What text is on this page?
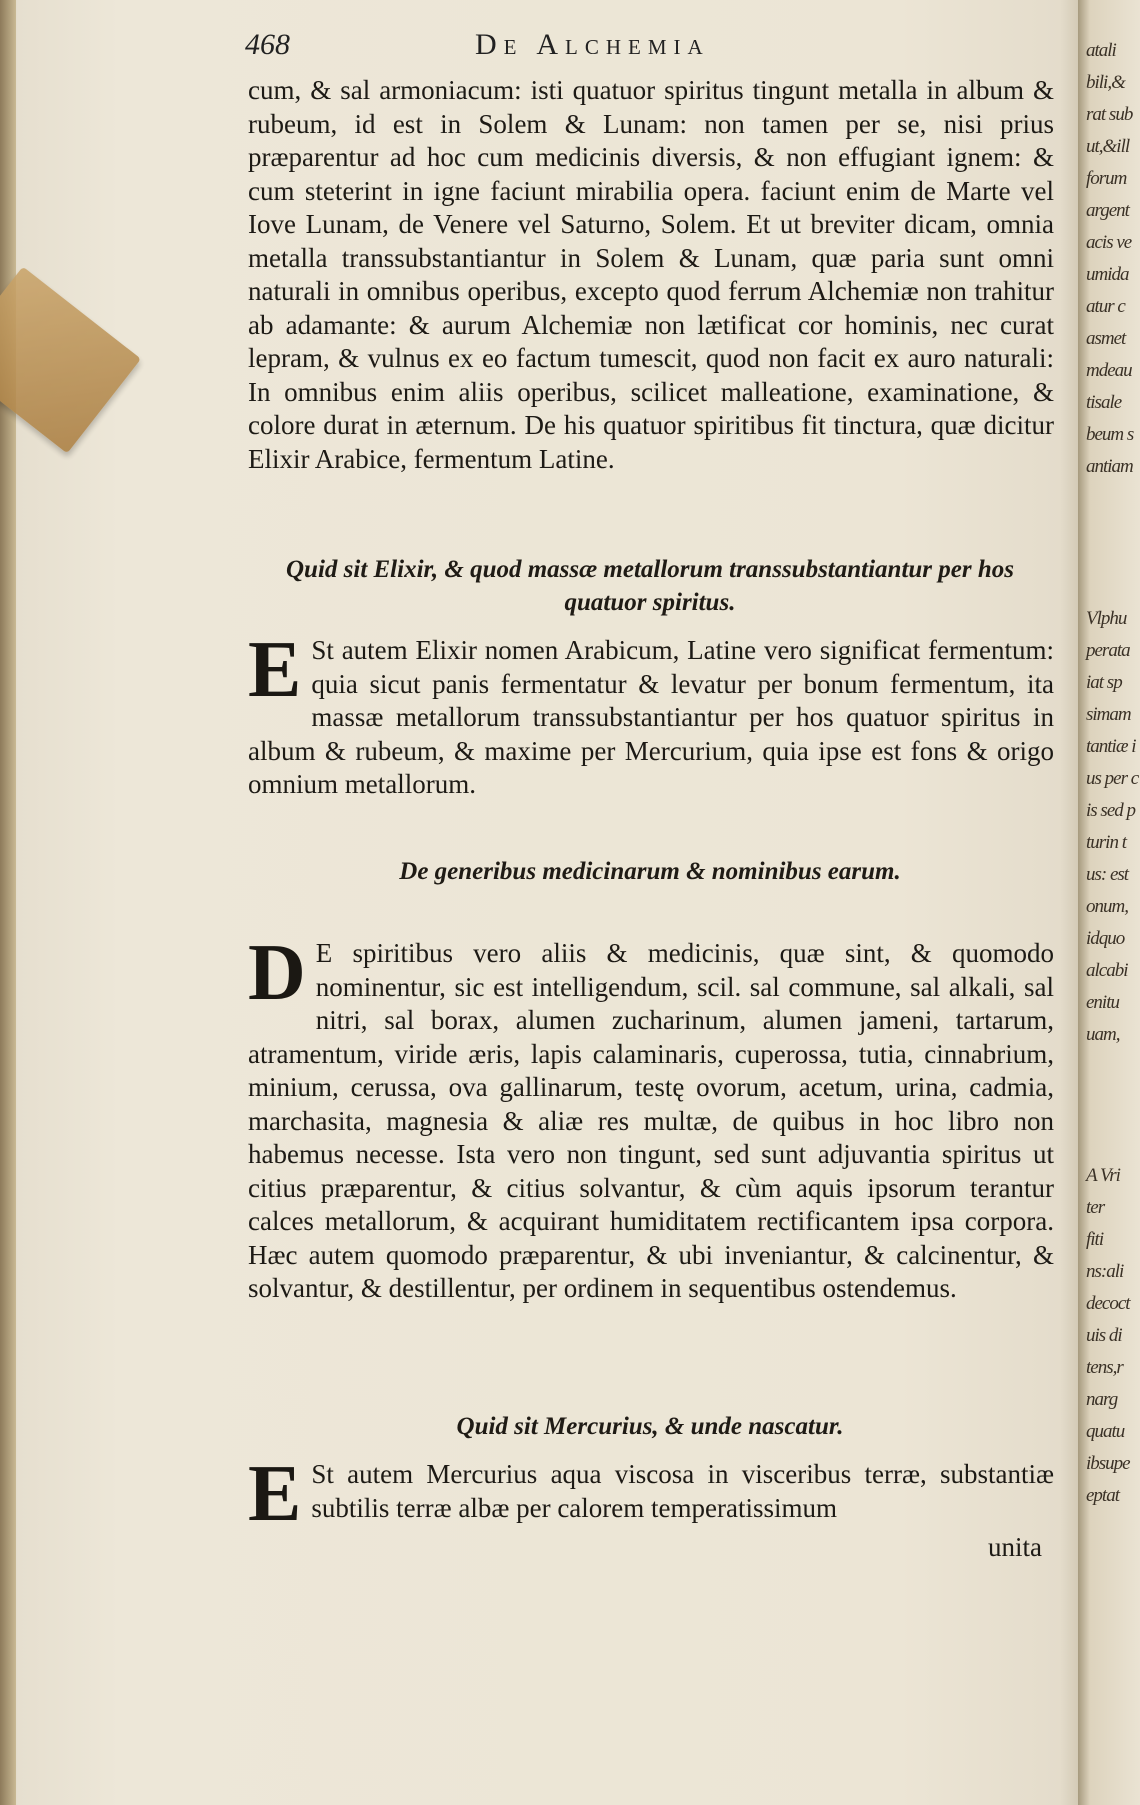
468	De Alchemia

cum, & sal armoniacum: isti quatuor spiritus tingunt metalla in album & rubeum, id est in Solem & Lunam: non tamen per se, nisi prius præparentur ad hoc cum medicinis diversis, & non effugiant ignem: & cum steterint in igne faciunt mirabilia opera. faciunt enim de Marte vel Iove Lunam, de Venere vel Saturno, Solem. Et ut breviter dicam, omnia metalla transsubstantiantur in Solem & Lunam, quæ paria sunt omni naturali in omnibus operibus, excepto quod ferrum Alchemiæ non trahitur ab adamante: & aurum Alchemiæ non lætificat cor hominis, nec curat lepram, & vulnus ex eo factum tumescit, quod non facit ex auro naturali: In omnibus enim aliis operibus, scilicet malleatione, examinatione, & colore durat in æternum. De his quatuor spiritibus fit tinctura, quæ dicitur Elixir Arabice, fermentum Latine.

Quid sit Elixir, & quod massæ metallorum transsubstantiantur per hos quatuor spiritus.

E St autem Elixir nomen Arabicum, Latine vero significat fermentum: quia sicut panis fermentatur & levatur per bonum fermentum, ita massæ metallorum transsubstantiantur per hos quatuor spiritus in album & rubeum, & maxime per Mercurium, quia ipse est fons & origo omnium metallorum.

De generibus medicinarum & nominibus earum.

D E spiritibus vero aliis & medicinis, quæ sint, & quomodo nominentur, sic est intelligendum, scil. sal commune, sal alkali, sal nitri, sal borax, alumen zucharinum, alumen jameni, tartarum, atramentum, viride æris, lapis calaminaris, cuperossa, tutia, cinnabrium, minium, cerussa, ova gallinarum, testę ovorum, acetum, urina, cadmia, marchasita, magnesia & aliæ res multæ, de quibus in hoc libro non habemus necesse. Ista vero non tingunt, sed sunt adjuvantia spiritus ut citius præparentur, & citius solvantur, & cùm aquis ipsorum terantur calces metallorum, & acquirant humiditatem rectificantem ipsa corpora. Hæc autem quomodo præparentur, & ubi inveniantur, & calcinentur, & solvantur, & destillentur, per ordinem in sequentibus ostendemus.

Quid sit Mercurius, & unde nascatur.

E St autem Mercurius aqua viscosa in visceribus terræ, substantiæ subtilis terræ albæ per calorem temperatissimum

unita
atali
bili,&
rat sub
ut,&ill
forum
argent
acis ve
umida
atur c
asmet
mdeau
tisale
beum s
antiam
Vlphu
perata
iat sp
simam
tantiæ i
us per c
is sed p
turin t
us: est
onum,
idquo
alcabi
enitu
uam,
A Vri
ter
fiti
ns:ali
decoct
uis di
tens,r
narg
quatu
ibsupe
eptat
